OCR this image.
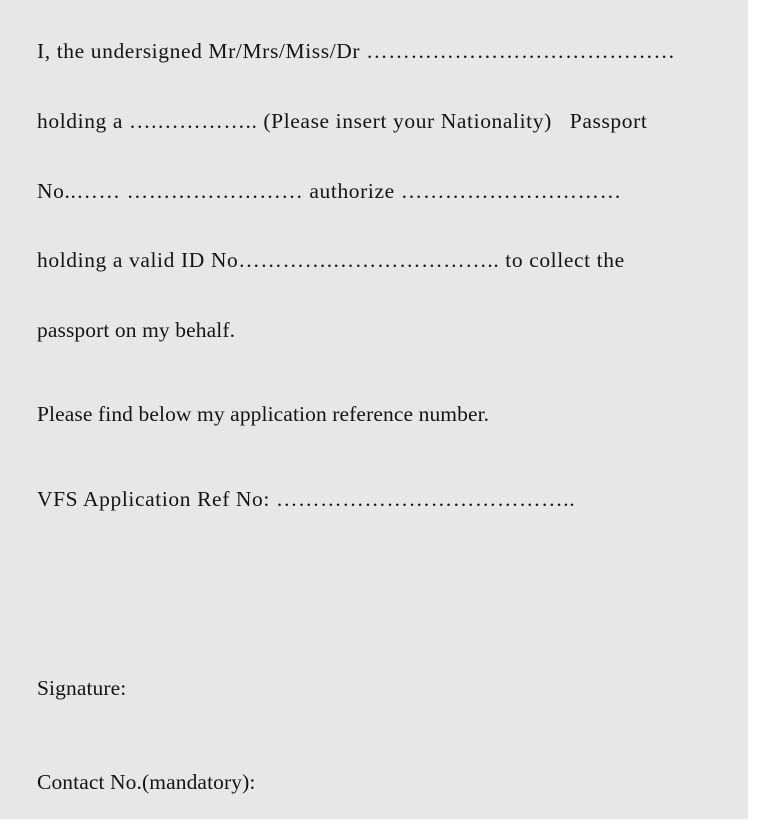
I, the undersigned Mr/Mrs/Miss/Dr ……………………………………
holding a ….………….. (Please insert your Nationality)   Passport
No..…… …………………… authorize …………………………
holding a valid ID No………….………………….. to collect the
passport on my behalf.
Please find below my application reference number.
VFS Application Ref No: …………………………………..
Signature:
Contact No.(mandatory):
